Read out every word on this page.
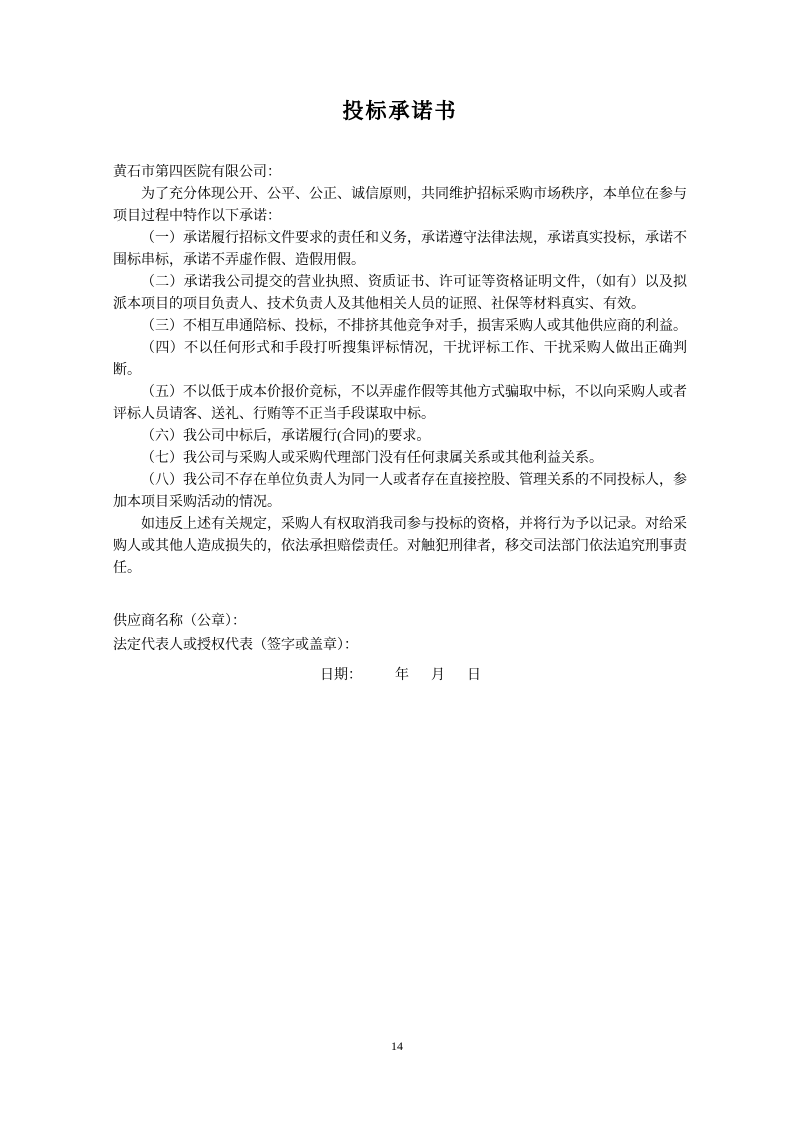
投标承诺书

黄石市第四医院有限公司：

为了充分体现公开、公平、公正、诚信原则，共同维护招标采购市场秩序，本单位在参与项目过程中特作以下承诺：

（一）承诺履行招标文件要求的责任和义务，承诺遵守法律法规，承诺真实投标，承诺不围标串标，承诺不弄虚作假、造假用假。

（二）承诺我公司提交的营业执照、资质证书、许可证等资格证明文件，（如有）以及拟派本项目的项目负责人、技术负责人及其他相关人员的证照、社保等材料真实、有效。

（三）不相互串通陪标、投标，不排挤其他竞争对手，损害采购人或其他供应商的利益。

（四）不以任何形式和手段打听搜集评标情况，干扰评标工作、干扰采购人做出正确判断。

（五）不以低于成本价报价竞标，不以弄虚作假等其他方式骗取中标，不以向采购人或者评标人员请客、送礼、行贿等不正当手段谋取中标。

（六）我公司中标后，承诺履行(合同)的要求。

（七）我公司与采购人或采购代理部门没有任何隶属关系或其他利益关系。

（八）我公司不存在单位负责人为同一人或者存在直接控股、管理关系的不同投标人，参加本项目采购活动的情况。

如违反上述有关规定，采购人有权取消我司参与投标的资格，并将行为予以记录。对给采购人或其他人造成损失的，依法承担赔偿责任。对触犯刑律者，移交司法部门依法追究刑事责任。

供应商名称（公章）：

法定代表人或授权代表（签字或盖章）：

日期： 年 月 日

14
